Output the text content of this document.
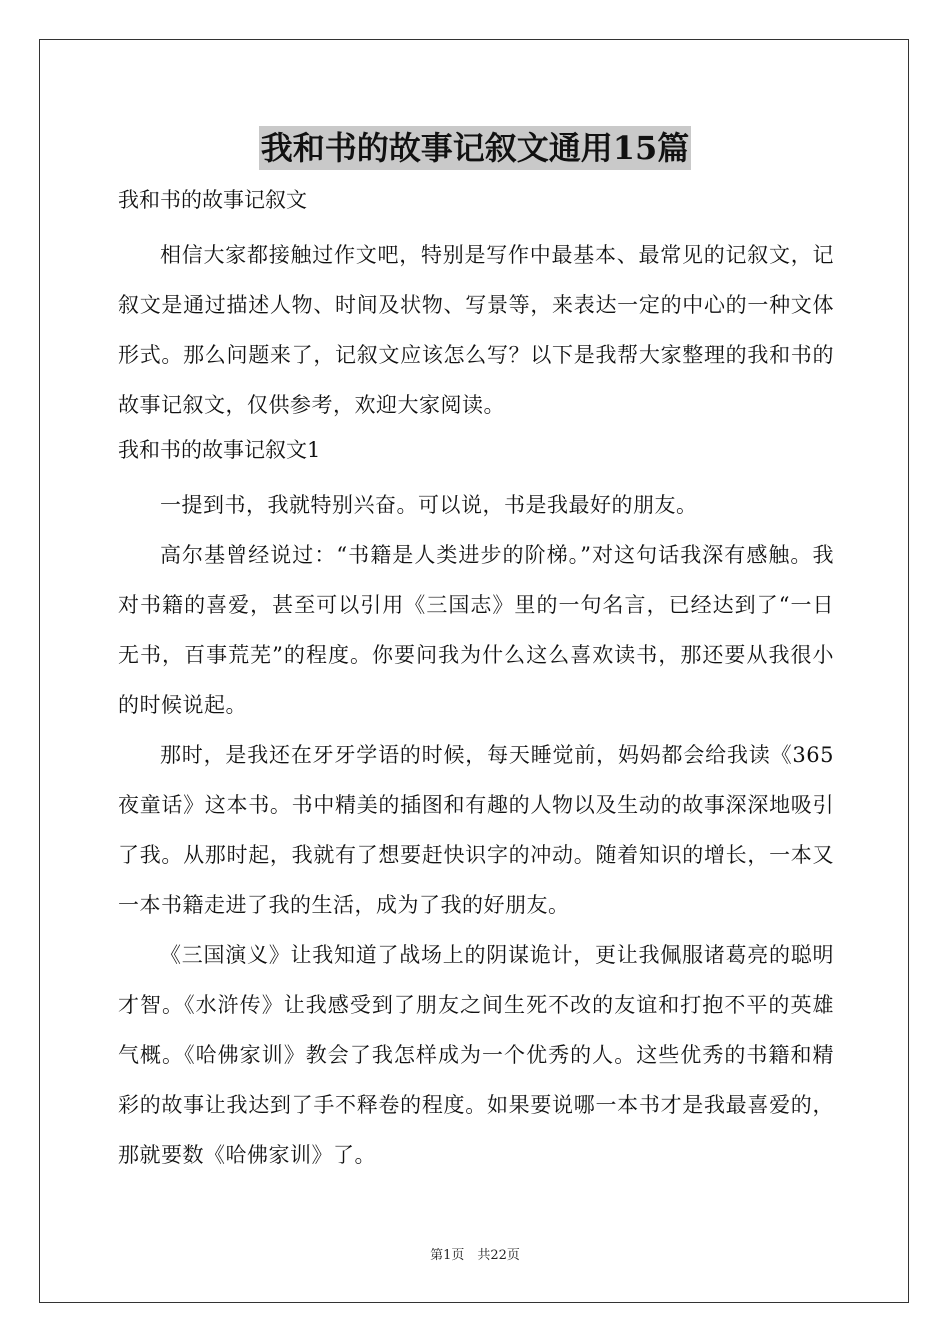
我和书的故事记叙文通用15篇
我和书的故事记叙文

相信大家都接触过作文吧，特别是写作中最基本、最常见的记叙文，记叙文是通过描述人物、时间及状物、写景等，来表达一定的中心的一种文体形式。那么问题来了，记叙文应该怎么写？以下是我帮大家整理的我和书的故事记叙文，仅供参考，欢迎大家阅读。

我和书的故事记叙文1

一提到书，我就特别兴奋。可以说，书是我最好的朋友。

高尔基曾经说过：“书籍是人类进步的阶梯。”对这句话我深有感触。我对书籍的喜爱，甚至可以引用《三国志》里的一句名言，已经达到了“一日无书，百事荒芜”的程度。你要问我为什么这么喜欢读书，那还要从我很小的时候说起。

那时，是我还在牙牙学语的时候，每天睡觉前，妈妈都会给我读《365夜童话》这本书。书中精美的插图和有趣的人物以及生动的故事深深地吸引了我。从那时起，我就有了想要赶快识字的冲动。随着知识的增长，一本又一本书籍走进了我的生活，成为了我的好朋友。

《三国演义》让我知道了战场上的阴谋诡计，更让我佩服诸葛亮的聪明才智。《水浒传》让我感受到了朋友之间生死不改的友谊和打抱不平的英雄气概。《哈佛家训》教会了我怎样成为一个优秀的人。这些优秀的书籍和精彩的故事让我达到了手不释卷的程度。如果要说哪一本书才是我最喜爱的，那就要数《哈佛家训》了。

第1页　共22页
